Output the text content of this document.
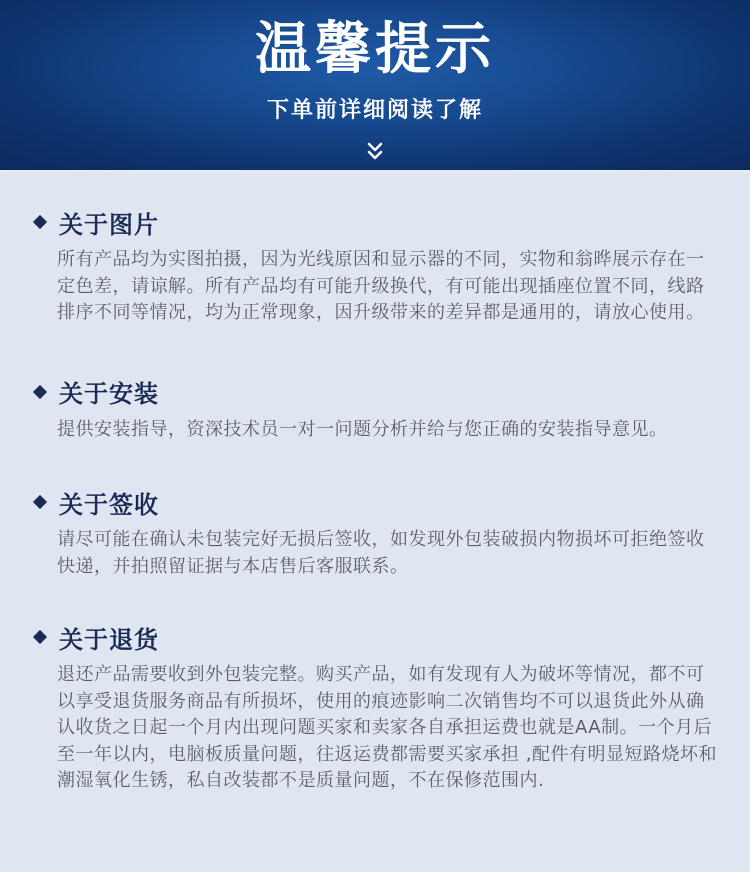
温馨提示
下单前详细阅读了解
关于图片
所有产品均为实图拍摄，因为光线原因和显示器的不同，实物和翁晔展示存在一定色差，请谅解。所有产品均有可能升级换代，有可能出现插座位置不同，线路排序不同等情况，均为正常现象，因升级带来的差异都是通用的，请放心使用。
关于安装
提供安装指导，资深技术员一对一问题分析并给与您正确的安装指导意见。
关于签收
请尽可能在确认未包装完好无损后签收，如发现外包装破损内物损坏可拒绝签收快递，并拍照留证据与本店售后客服联系。
关于退货
退还产品需要收到外包装完整。购买产品，如有发现有人为破坏等情况，都不可以享受退货服务商品有所损坏，使用的痕迹影响二次销售均不可以退货此外从确认收货之日起一个月内出现问题买家和卖家各自承担运费也就是AA制。一个月后至一年以内，电脑板质量问题，往返运费都需要买家承担 ,配件有明显短路烧坏和潮湿氧化生锈，私自改装都不是质量问题，不在保修范围内.
